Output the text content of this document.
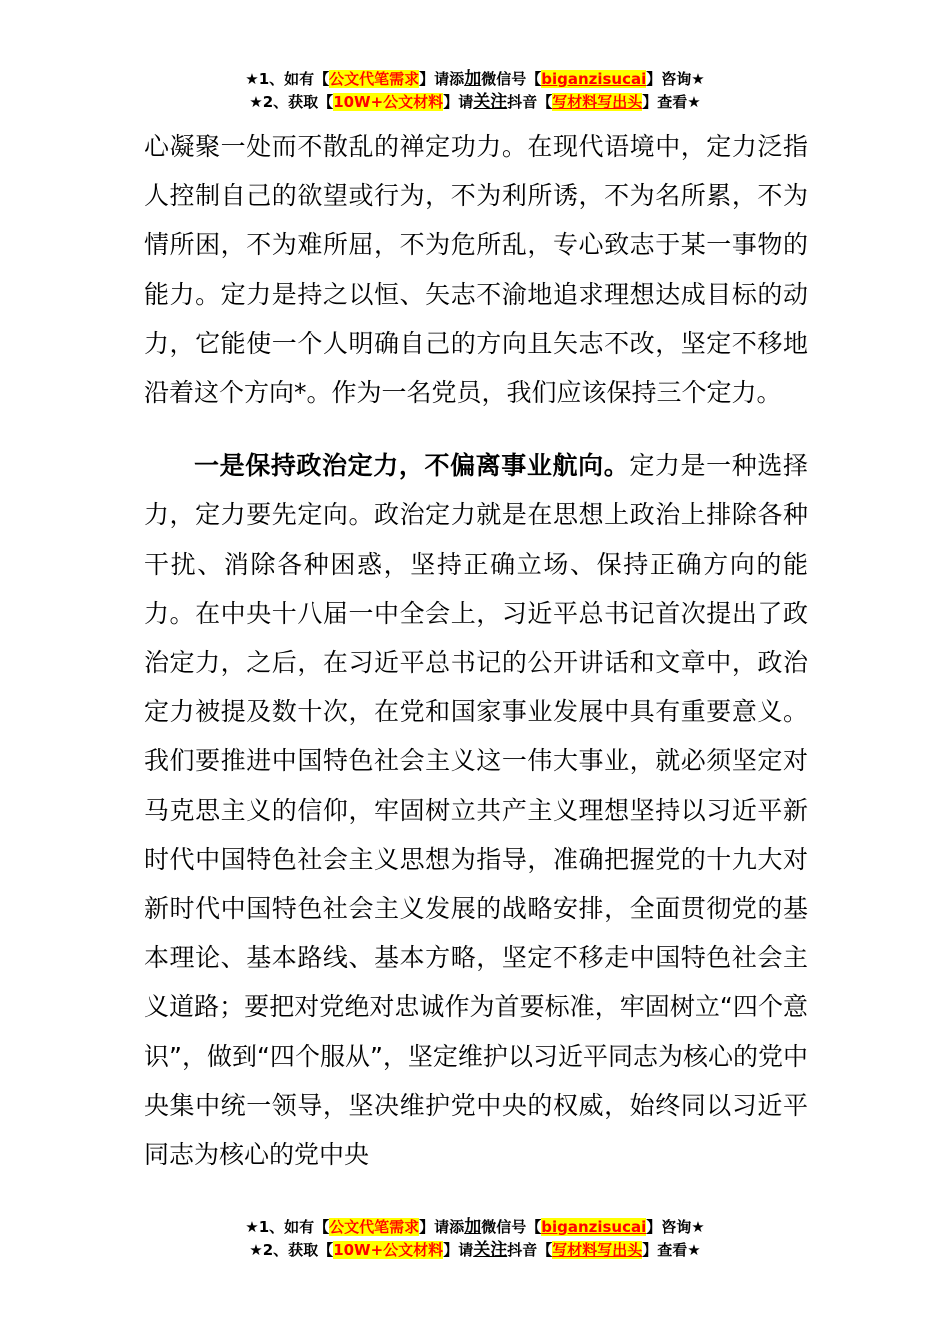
★1、如有【公文代笔需求】请添加微信号【biganzisucai】咨询★
★2、获取【10W+公文材料】请关注抖音【写材料写出头】查看★

心凝聚一处而不散乱的禅定功力。在现代语境中，定力泛指人控制自己的欲望或行为，不为利所诱，不为名所累，不为情所困，不为难所屈，不为危所乱，专心致志于某一事物的能力。定力是持之以恒、矢志不渝地追求理想达成目标的动力，它能使一个人明确自己的方向且矢志不改，坚定不移地沿着这个方向*。作为一名党员，我们应该保持三个定力。

一是保持政治定力，不偏离事业航向。定力是一种选择力，定力要先定向。政治定力就是在思想上政治上排除各种干扰、消除各种困惑，坚持正确立场、保持正确方向的能力。在中央十八届一中全会上，习近平总书记首次提出了政治定力，之后，在习近平总书记的公开讲话和文章中，政治定力被提及数十次，在党和国家事业发展中具有重要意义。我们要推进中国特色社会主义这一伟大事业，就必须坚定对马克思主义的信仰，牢固树立共产主义理想坚持以习近平新时代中国特色社会主义思想为指导，准确把握党的十九大对新时代中国特色社会主义发展的战略安排，全面贯彻党的基本理论、基本路线、基本方略，坚定不移走中国特色社会主义道路；要把对党绝对忠诚作为首要标准，牢固树立“四个意识”，做到“四个服从”，坚定维护以习近平同志为核心的党中央集中统一领导，坚决维护党中央的权威，始终同以习近平同志为核心的党中央

★1、如有【公文代笔需求】请添加微信号【biganzisucai】咨询★
★2、获取【10W+公文材料】请关注抖音【写材料写出头】查看★
